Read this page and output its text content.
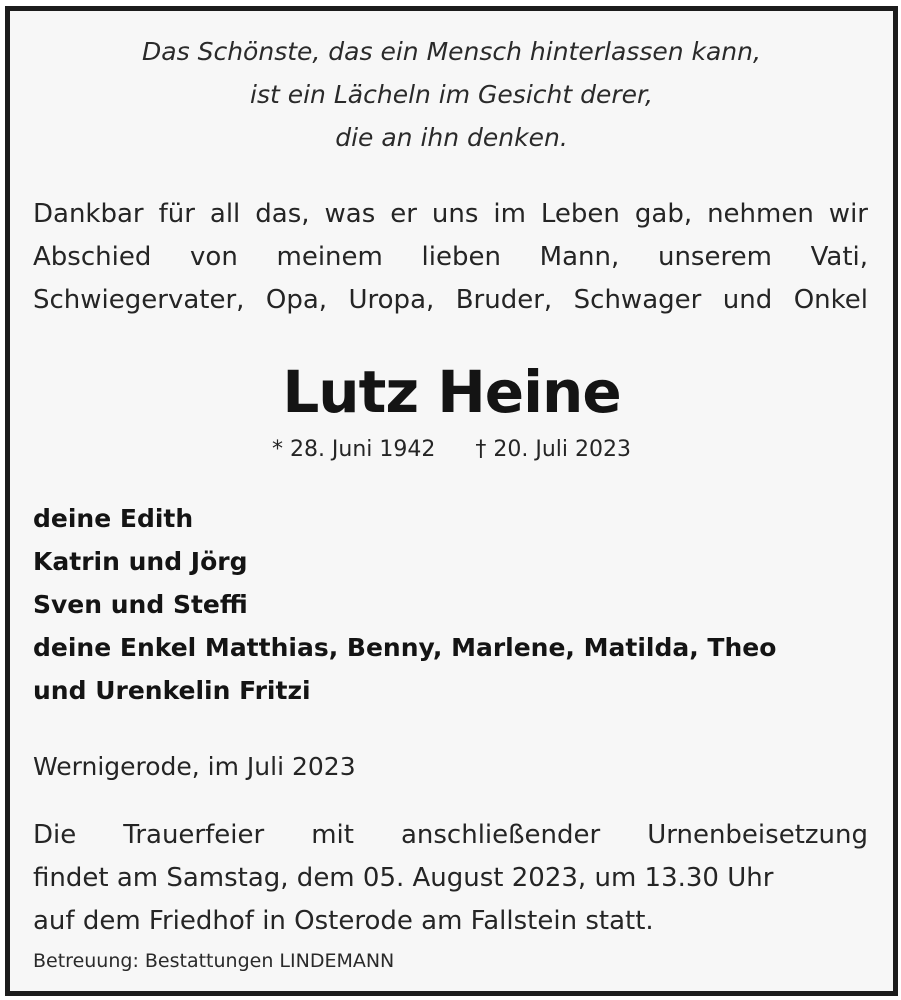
Das Schönste, das ein Mensch hinterlassen kann,
ist ein Lächeln im Gesicht derer,
die an ihn denken.
Dankbar für all das, was er uns im Leben gab, nehmen wir
Abschied von meinem lieben Mann, unserem Vati,
Schwiegervater, Opa, Uropa, Bruder, Schwager und Onkel
Lutz Heine
* 28. Juni 1942 † 20. Juli 2023
deine Edith
Katrin und Jörg
Sven und Steffi
deine Enkel Matthias, Benny, Marlene, Matilda, Theo
und Urenkelin Fritzi
Wernigerode, im Juli 2023
Die Trauerfeier mit anschließender Urnenbeisetzung
findet am Samstag, dem 05. August 2023, um 13.30 Uhr
auf dem Friedhof in Osterode am Fallstein statt.
Betreuung: Bestattungen LINDEMANN
